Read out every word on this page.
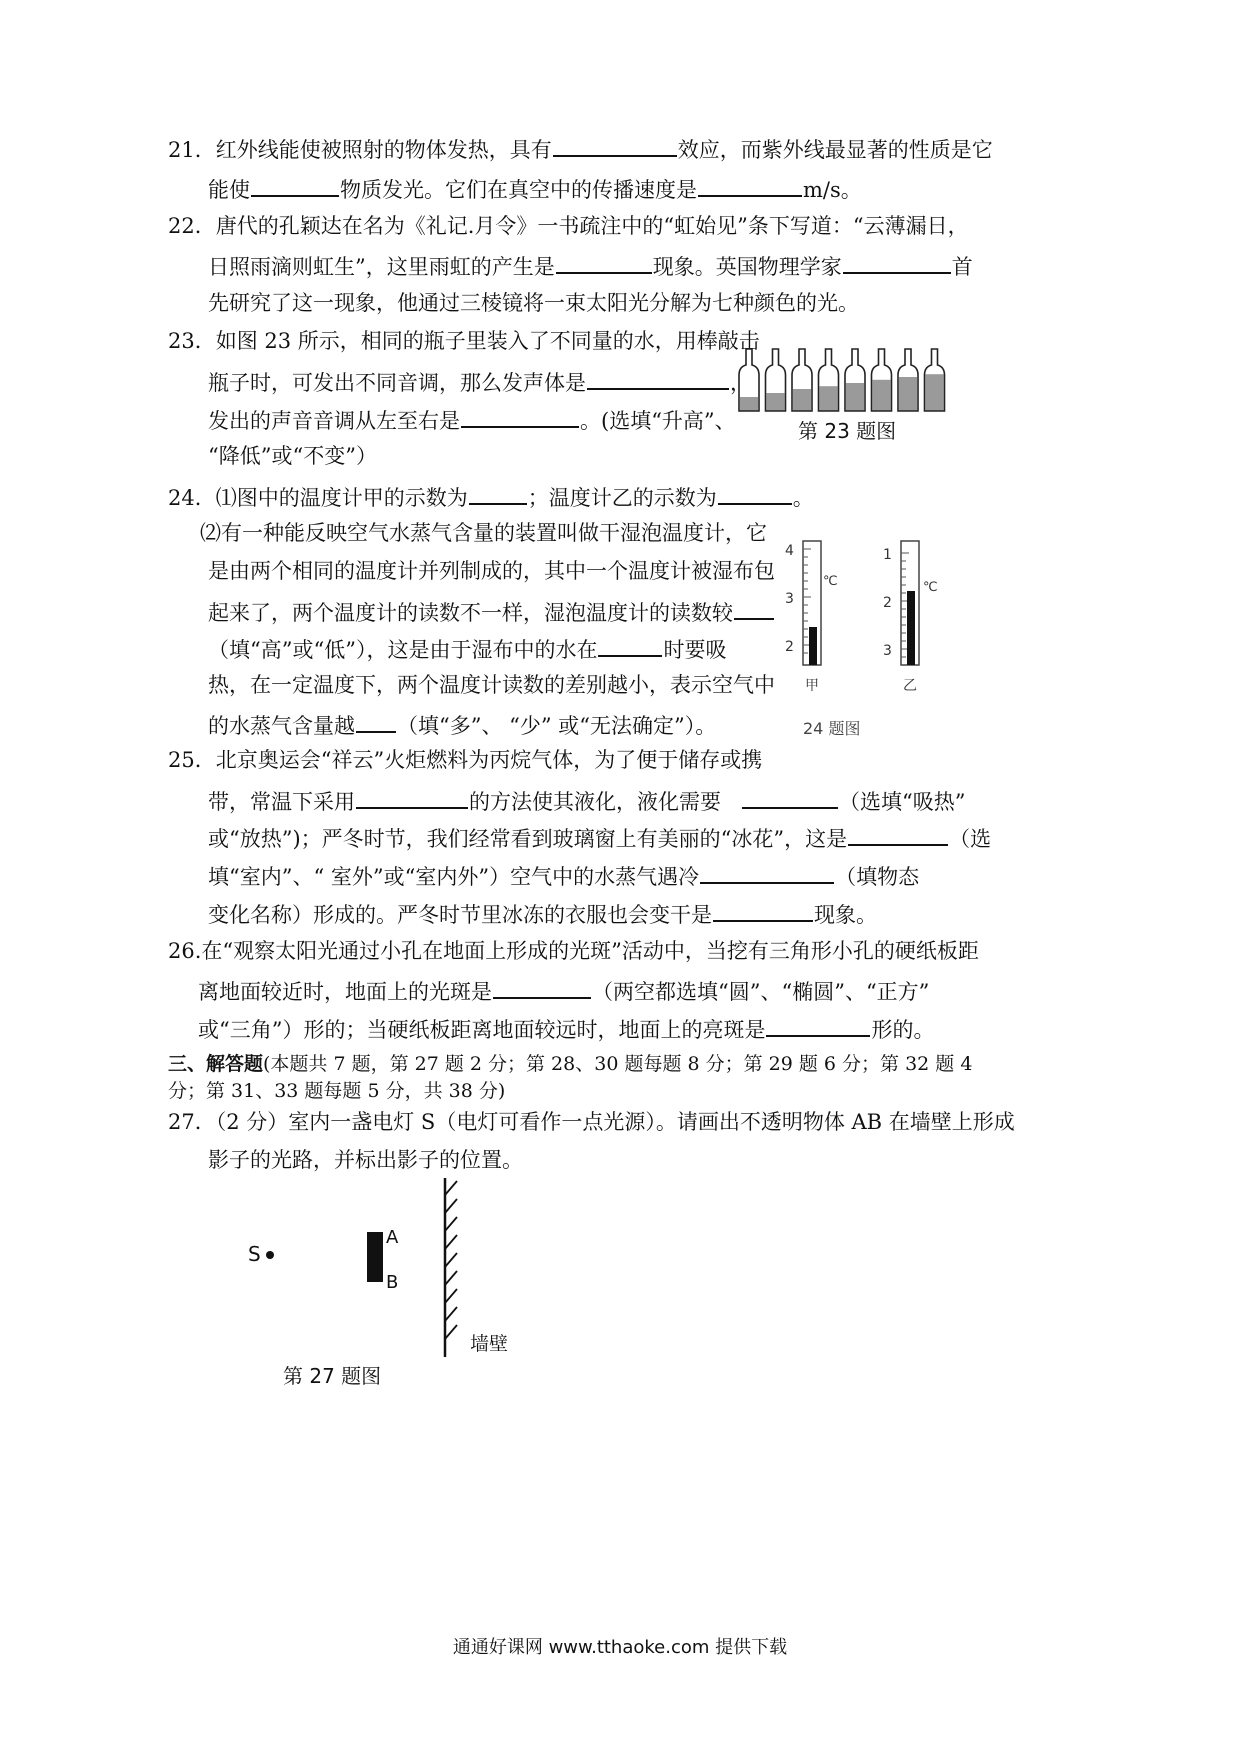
21．红外线能使被照射的物体发热，具有	效应，而紫外线最显著的性质是它
能使	物质发光。它们在真空中的传播速度是	m/s。
22．唐代的孔颖达在名为《礼记.月令》一书疏注中的“虹始见”条下写道：“云薄漏日，
日照雨滴则虹生”，这里雨虹的产生是	现象。英国物理学家	首
先研究了这一现象，他通过三棱镜将一束太阳光分解为七种颜色的光。
23．如图 23 所示，相同的瓶子里装入了不同量的水，用棒敲击
瓶子时，可发出不同音调，那么发声体是	，
发出的声音音调从左至右是	。(选填“升高”、
“降低”或“不变”）
第 23 题图
24．⑴图中的温度计甲的示数为	；温度计乙的示数为	。
⑵有一种能反映空气水蒸气含量的装置叫做干湿泡温度计，它
是由两个相同的温度计并列制成的，其中一个温度计被湿布包
起来了，两个温度计的读数不一样，湿泡温度计的读数较
（填“高”或“低”），这是由于湿布中的水在	时要吸
热，在一定温度下，两个温度计读数的差别越小，表示空气中
的水蒸气含量越 （填“多”、 “少” 或“无法确定”）。
4
3
2
℃
甲
1
2
3
℃
乙
24 题图
25．北京奥运会“祥云”火炬燃料为丙烷气体，为了便于储存或携
带，常温下采用	的方法使其液化，液化需要	（选填“吸热”
或“放热”)；严冬时节，我们经常看到玻璃窗上有美丽的“冰花”，这是	（选
填“室内”、“ 室外”或“室内外”）空气中的水蒸气遇冷	（填物态
变化名称）形成的。严冬时节里冰冻的衣服也会变干是	现象。
26.在“观察太阳光通过小孔在地面上形成的光斑”活动中，当挖有三角形小孔的硬纸板距
离地面较近时，地面上的光斑是	（两空都选填“圆”、“椭圆”、“正方”
或“三角”）形的；当硬纸板距离地面较远时，地面上的亮斑是	形的。
三、解答题(本题共 7 题，第 27 题 2 分；第 28、30 题每题 8 分；第 29 题 6 分；第 32 题 4
分；第 31、33 题每题 5 分，共 38 分)
27．（2 分）室内一盏电灯 S（电灯可看作一点光源）。请画出不透明物体 AB 在墙壁上形成
影子的光路，并标出影子的位置。
S
A
B
墙壁
第 27 题图
通通好课网 www.tthaoke.com 提供下载
